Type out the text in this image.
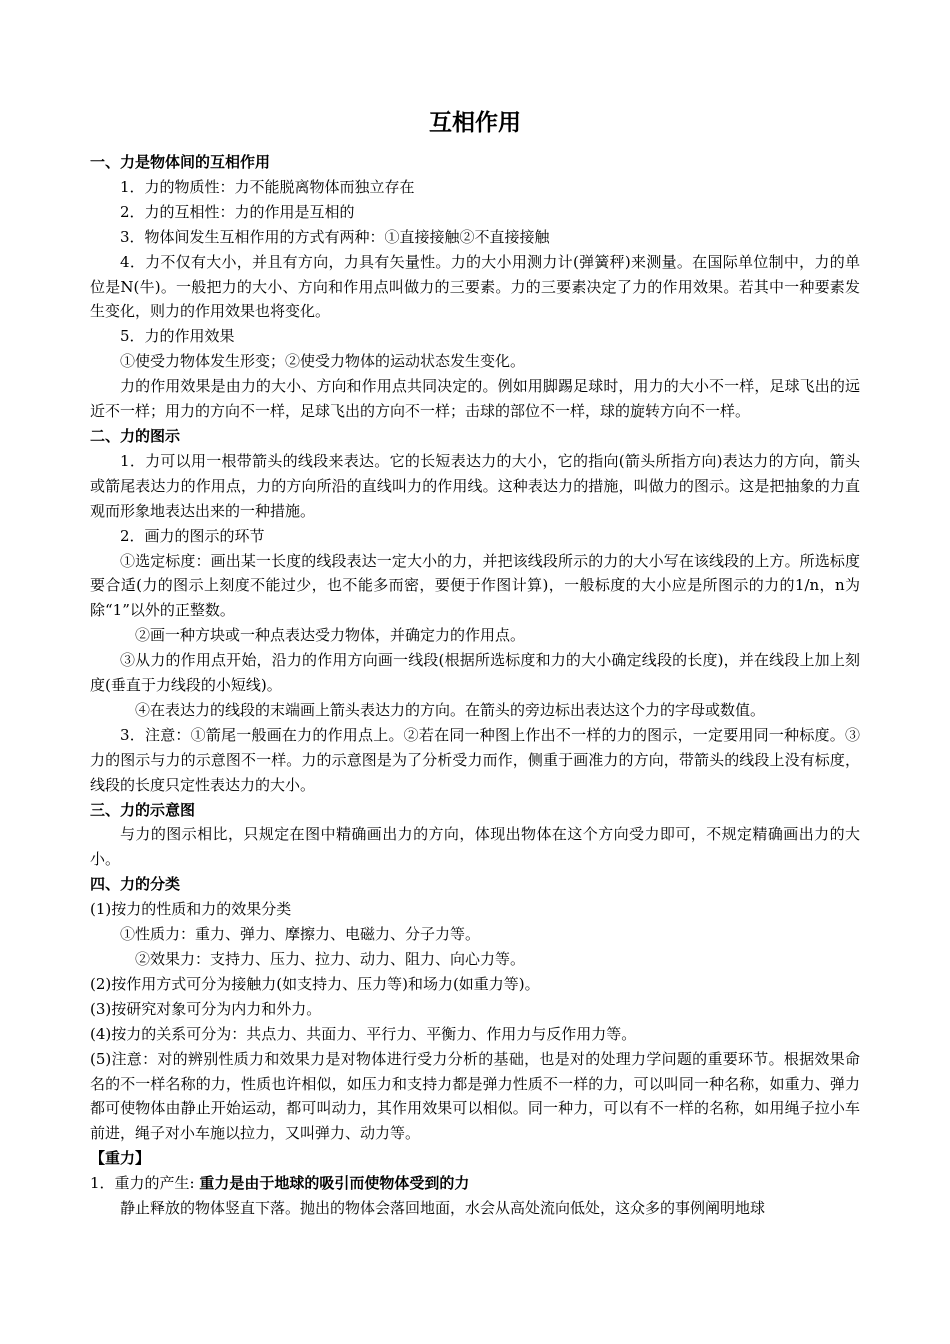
互相作用
一、力是物体间的互相作用

1．力的物质性：力不能脱离物体而独立存在

2．力的互相性：力的作用是互相的

3．物体间发生互相作用的方式有两种：①直接接触②不直接接触

4．力不仅有大小，并且有方向，力具有矢量性。力的大小用测力计(弹簧秤)来测量。在国际单位制中，力的单位是N(牛)。一般把力的大小、方向和作用点叫做力的三要素。力的三要素决定了力的作用效果。若其中一种要素发生变化，则力的作用效果也将变化。

5．力的作用效果

①使受力物体发生形变；②使受力物体的运动状态发生变化。

力的作用效果是由力的大小、方向和作用点共同决定的。例如用脚踢足球时，用力的大小不一样，足球飞出的远近不一样；用力的方向不一样，足球飞出的方向不一样；击球的部位不一样，球的旋转方向不一样。

二、力的图示

1．力可以用一根带箭头的线段来表达。它的长短表达力的大小，它的指向(箭头所指方向)表达力的方向，箭头或箭尾表达力的作用点，力的方向所沿的直线叫力的作用线。这种表达力的措施，叫做力的图示。这是把抽象的力直观而形象地表达出来的一种措施。

2．画力的图示的环节

①选定标度：画出某一长度的线段表达一定大小的力，并把该线段所示的力的大小写在该线段的上方。所选标度要合适(力的图示上刻度不能过少，也不能多而密，要便于作图计算)，一般标度的大小应是所图示的力的1/n，n为除“1”以外的正整数。

②画一种方块或一种点表达受力物体，并确定力的作用点。

③从力的作用点开始，沿力的作用方向画一线段(根据所选标度和力的大小确定线段的长度)，并在线段上加上刻度(垂直于力线段的小短线)。

④在表达力的线段的末端画上箭头表达力的方向。在箭头的旁边标出表达这个力的字母或数值。

3．注意：①箭尾一般画在力的作用点上。②若在同一种图上作出不一样的力的图示，一定要用同一种标度。③力的图示与力的示意图不一样。力的示意图是为了分析受力而作，侧重于画准力的方向，带箭头的线段上没有标度，线段的长度只定性表达力的大小。

三、力的示意图

与力的图示相比，只规定在图中精确画出力的方向，体现出物体在这个方向受力即可，不规定精确画出力的大小。

四、力的分类

(1)按力的性质和力的效果分类

①性质力：重力、弹力、摩擦力、电磁力、分子力等。

②效果力：支持力、压力、拉力、动力、阻力、向心力等。

(2)按作用方式可分为接触力(如支持力、压力等)和场力(如重力等)。

(3)按研究对象可分为内力和外力。

(4)按力的关系可分为：共点力、共面力、平行力、平衡力、作用力与反作用力等。

(5)注意：对的辨别性质力和效果力是对物体进行受力分析的基础，也是对的处理力学问题的重要环节。根据效果命名的不一样名称的力，性质也许相似，如压力和支持力都是弹力性质不一样的力，可以叫同一种名称，如重力、弹力都可使物体由静止开始运动，都可叫动力，其作用效果可以相似。同一种力，可以有不一样的名称，如用绳子拉小车前进，绳子对小车施以拉力，又叫弹力、动力等。

【重力】

1．重力的产生: 重力是由于地球的吸引而使物体受到的力

静止释放的物体竖直下落。抛出的物体会落回地面，水会从高处流向低处，这众多的事例阐明地球
